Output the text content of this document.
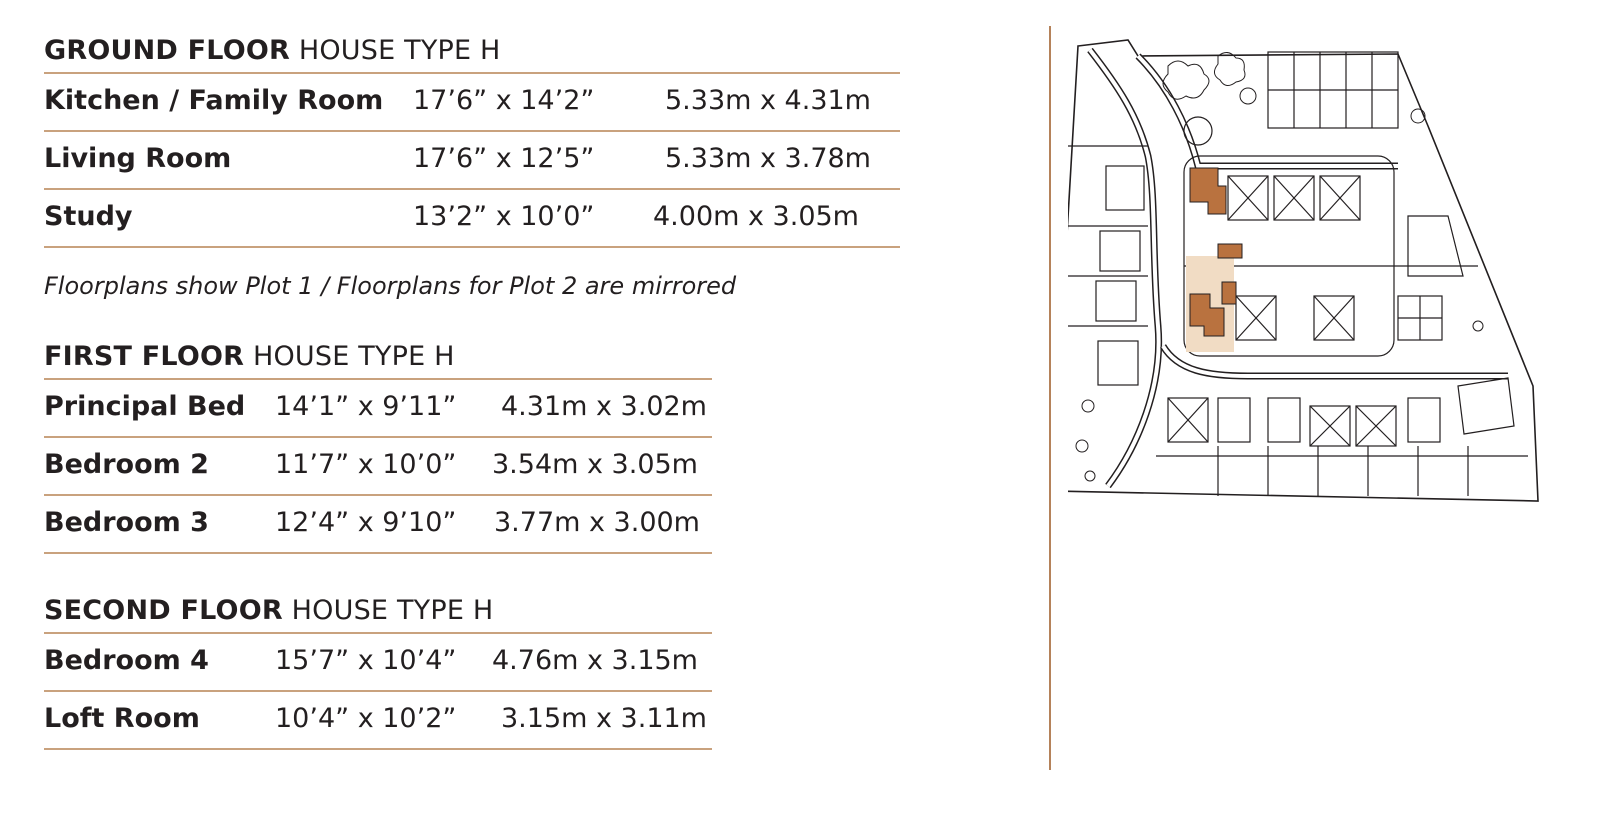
GROUND FLOOR HOUSE TYPE H
Kitchen / Family Room 17’6” x 14’2”	5.33m x 4.31m
Living Room	17’6” x 12’5”	5.33m x 3.78m
Study	13’2” x 10’0” 4.00m x 3.05m
Floorplans show Plot 1 / Floorplans for Plot 2 are mirrored
FIRST FLOOR HOUSE TYPE H
Principal Bed 14’1” x 9’11” 4.31m x 3.02m
Bedroom 2 11’7” x 10’0” 3.54m x 3.05m
Bedroom 3 12’4” x 9’10” 3.77m x 3.00m
SECOND FLOOR HOUSE TYPE H
Bedroom 4 15’7” x 10’4” 4.76m x 3.15m
Loft Room	10’4” x 10’2” 3.15m x 3.11m
